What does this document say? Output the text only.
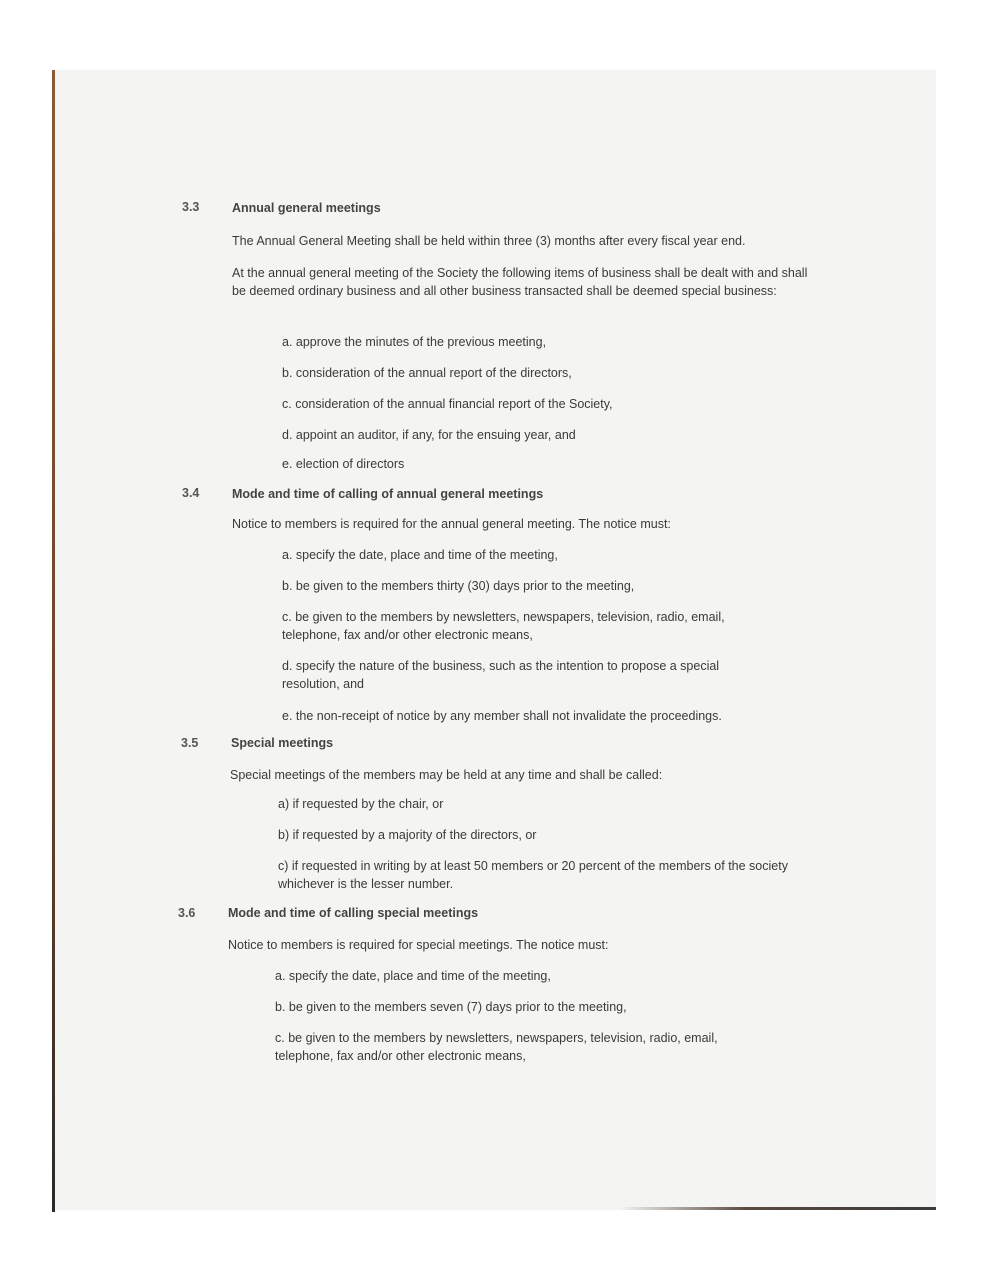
3.3	Annual general meetings
The Annual General Meeting shall be held within three (3) months after every fiscal year end.
At the annual general meeting of the Society the following items of business shall be dealt with and shall be deemed ordinary business and all other business transacted shall be deemed special business:
a. approve the minutes of the previous meeting,
b. consideration of the annual report of the directors,
c. consideration of the annual financial report of the Society,
d. appoint an auditor, if any, for the ensuing year, and
e. election of directors
3.4	Mode and time of calling of annual general meetings
Notice to members is required for the annual general meeting. The notice must:
a. specify the date, place and time of the meeting,
b. be given to the members thirty (30) days prior to the meeting,
c. be given to the members by newsletters, newspapers, television, radio, email, telephone, fax and/or other electronic means,
d. specify the nature of the business, such as the intention to propose a special resolution, and
e. the non-receipt of notice by any member shall not invalidate the proceedings.
3.5	Special meetings
Special meetings of the members may be held at any time and shall be called:
a) if requested by the chair, or
b) if requested by a majority of the directors, or
c) if requested in writing by at least 50 members or 20 percent of the members of the society whichever is the lesser number.
3.6	Mode and time of calling special meetings
Notice to members is required for special meetings. The notice must:
a. specify the date, place and time of the meeting,
b. be given to the members seven (7) days prior to the meeting,
c. be given to the members by newsletters, newspapers, television, radio, email, telephone, fax and/or other electronic means,
